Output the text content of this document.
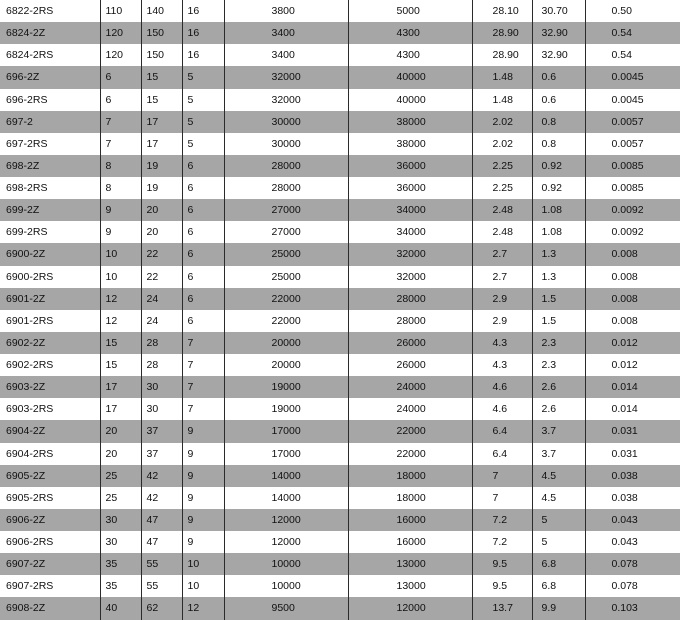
6822-2RS	110	140	16	3800	5000	28.10	30.70	0.50
6824-2Z	120	150	16	3400	4300	28.90	32.90	0.54
6824-2RS	120	150	16	3400	4300	28.90	32.90	0.54
696-2Z	6	15	5	32000	40000	1.48	0.6	0.0045
696-2RS	6	15	5	32000	40000	1.48	0.6	0.0045
697-2	7	17	5	30000	38000	2.02	0.8	0.0057
697-2RS	7	17	5	30000	38000	2.02	0.8	0.0057
698-2Z	8	19	6	28000	36000	2.25	0.92	0.0085
698-2RS	8	19	6	28000	36000	2.25	0.92	0.0085
699-2Z	9	20	6	27000	34000	2.48	1.08	0.0092
699-2RS	9	20	6	27000	34000	2.48	1.08	0.0092
6900-2Z	10	22	6	25000	32000	2.7	1.3	0.008
6900-2RS	10	22	6	25000	32000	2.7	1.3	0.008
6901-2Z	12	24	6	22000	28000	2.9	1.5	0.008
6901-2RS	12	24	6	22000	28000	2.9	1.5	0.008
6902-2Z	15	28	7	20000	26000	4.3	2.3	0.012
6902-2RS	15	28	7	20000	26000	4.3	2.3	0.012
6903-2Z	17	30	7	19000	24000	4.6	2.6	0.014
6903-2RS	17	30	7	19000	24000	4.6	2.6	0.014
6904-2Z	20	37	9	17000	22000	6.4	3.7	0.031
6904-2RS	20	37	9	17000	22000	6.4	3.7	0.031
6905-2Z	25	42	9	14000	18000	7	4.5	0.038
6905-2RS	25	42	9	14000	18000	7	4.5	0.038
6906-2Z	30	47	9	12000	16000	7.2	5	0.043
6906-2RS	30	47	9	12000	16000	7.2	5	0.043
6907-2Z	35	55	10	10000	13000	9.5	6.8	0.078
6907-2RS	35	55	10	10000	13000	9.5	6.8	0.078
6908-2Z	40	62	12	9500	12000	13.7	9.9	0.103
